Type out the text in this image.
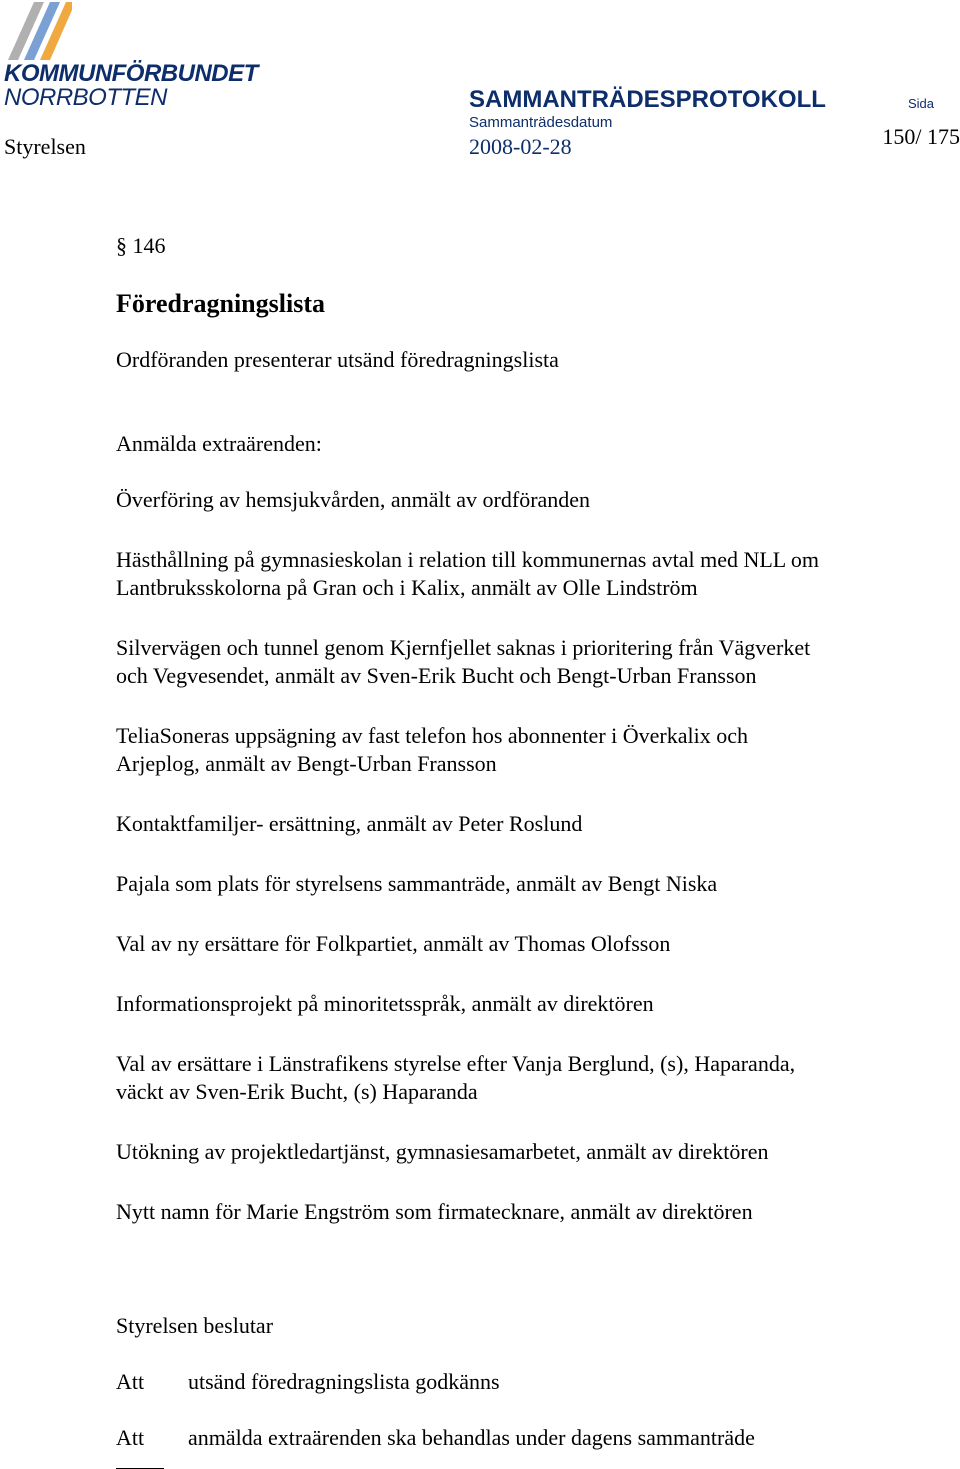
KOMMUNFÖRBUNDET
NORRBOTTEN
Styrelsen
SAMMANTRÄDESPROTOKOLL
Sammanträdesdatum
2008-02-28
Sida
150/ 175

§ 146

Föredragningslista

Ordföranden presenterar utsänd föredragningslista

Anmälda extraärenden:

Överföring av hemsjukvården, anmält av ordföranden

Hästhållning på gymnasieskolan i relation till kommunernas avtal med NLL om

Lantbruksskolorna på Gran och i Kalix, anmält av Olle Lindström

Silvervägen och tunnel genom Kjernfjellet saknas i prioritering från Vägverket

och Vegvesendet, anmält av Sven-Erik Bucht och Bengt-Urban Fransson

TeliaSoneras uppsägning av fast telefon hos abonnenter i Överkalix och

Arjeplog, anmält av Bengt-Urban Fransson

Kontaktfamiljer- ersättning, anmält av Peter Roslund

Pajala som plats för styrelsens sammanträde, anmält av Bengt Niska

Val av ny ersättare för Folkpartiet, anmält av Thomas Olofsson

Informationsprojekt på minoritetsspråk, anmält av direktören

Val av ersättare i Länstrafikens styrelse efter Vanja Berglund, (s), Haparanda,

väckt av Sven-Erik Bucht, (s) Haparanda

Utökning av projektledartjänst, gymnasiesamarbetet, anmält av direktören

Nytt namn för Marie Engström som firmatecknare, anmält av direktören

Styrelsen beslutar

Att	utsänd föredragningslista godkänns
Att	anmälda extraärenden ska behandlas under dagens sammanträde
